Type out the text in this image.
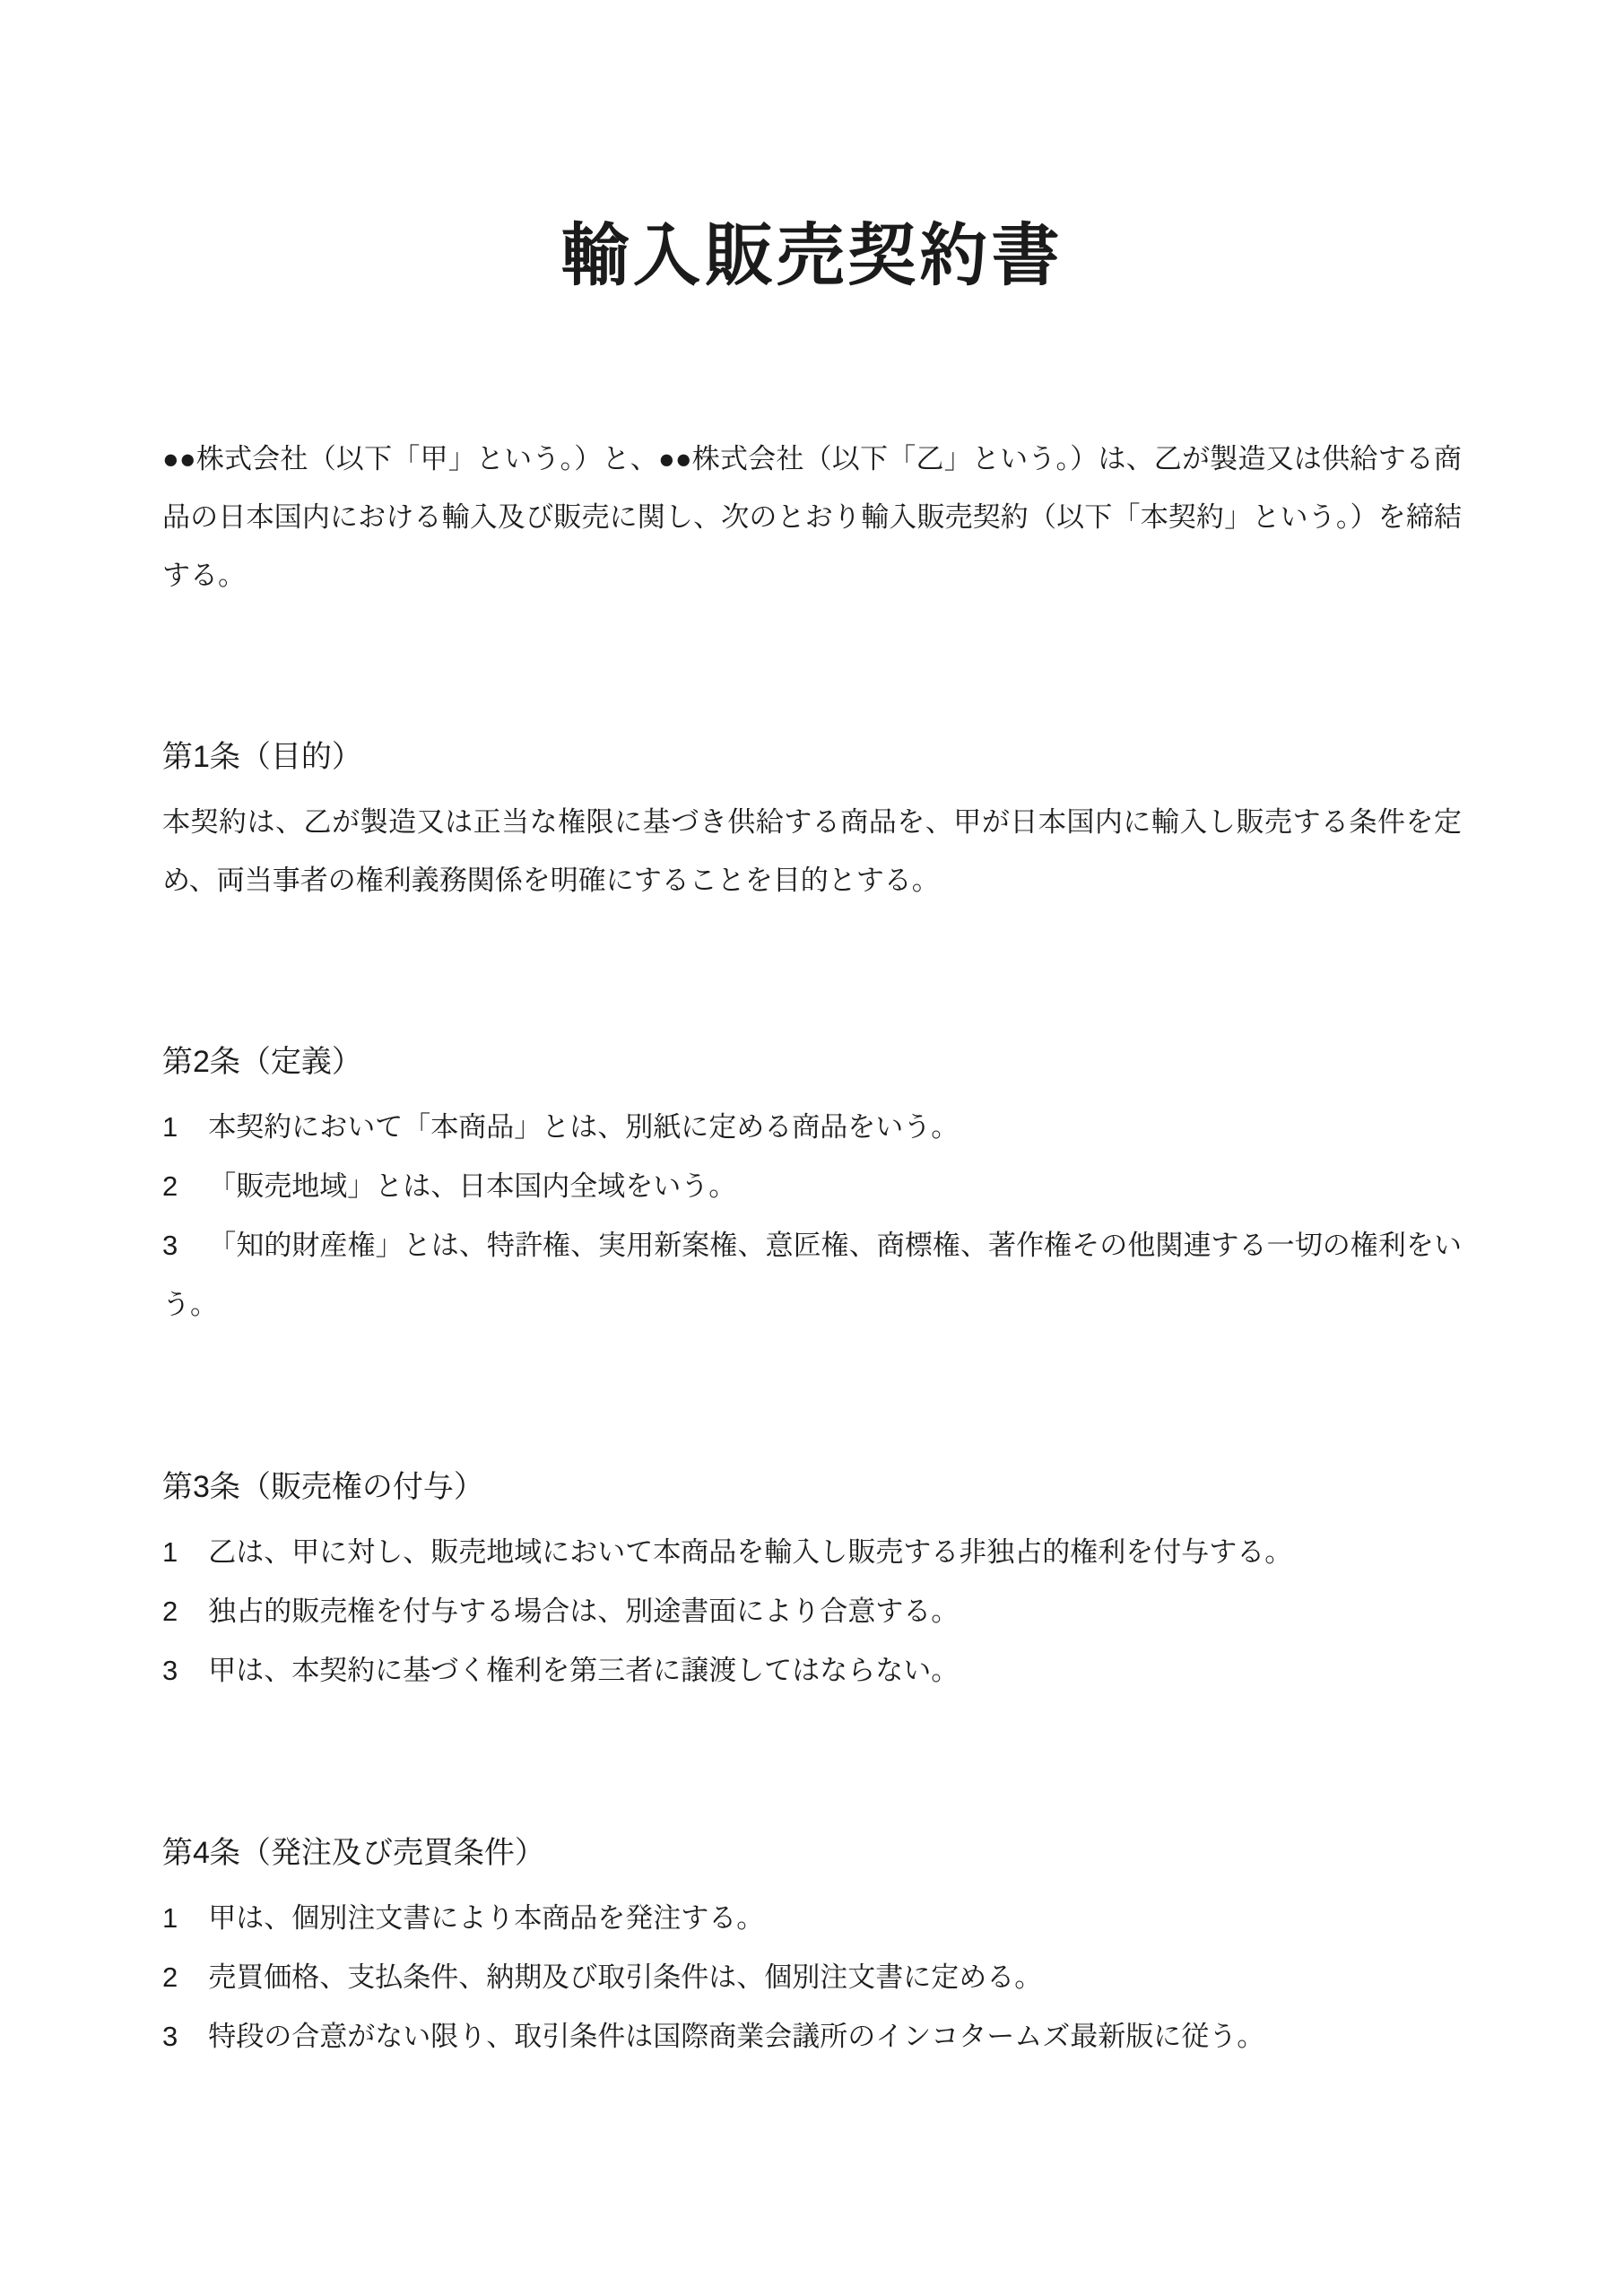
輸入販売契約書

●●株式会社（以下「甲」という。）と、●●株式会社（以下「乙」という。）は、乙が製造又は供給する商品の日本国内における輸入及び販売に関し、次のとおり輸入販売契約（以下「本契約」という。）を締結する。

第1条（目的）

本契約は、乙が製造又は正当な権限に基づき供給する商品を、甲が日本国内に輸入し販売する条件を定め、両当事者の権利義務関係を明確にすることを目的とする。

第2条（定義）

1 本契約において「本商品」とは、別紙に定める商品をいう。

2 「販売地域」とは、日本国内全域をいう。

3 「知的財産権」とは、特許権、実用新案権、意匠権、商標権、著作権その他関連する一切の権利をいう。

第3条（販売権の付与）

1 乙は、甲に対し、販売地域において本商品を輸入し販売する非独占的権利を付与する。

2 独占的販売権を付与する場合は、別途書面により合意する。

3 甲は、本契約に基づく権利を第三者に譲渡してはならない。

第4条（発注及び売買条件）

1 甲は、個別注文書により本商品を発注する。

2 売買価格、支払条件、納期及び取引条件は、個別注文書に定める。

3 特段の合意がない限り、取引条件は国際商業会議所のインコタームズ最新版に従う。
